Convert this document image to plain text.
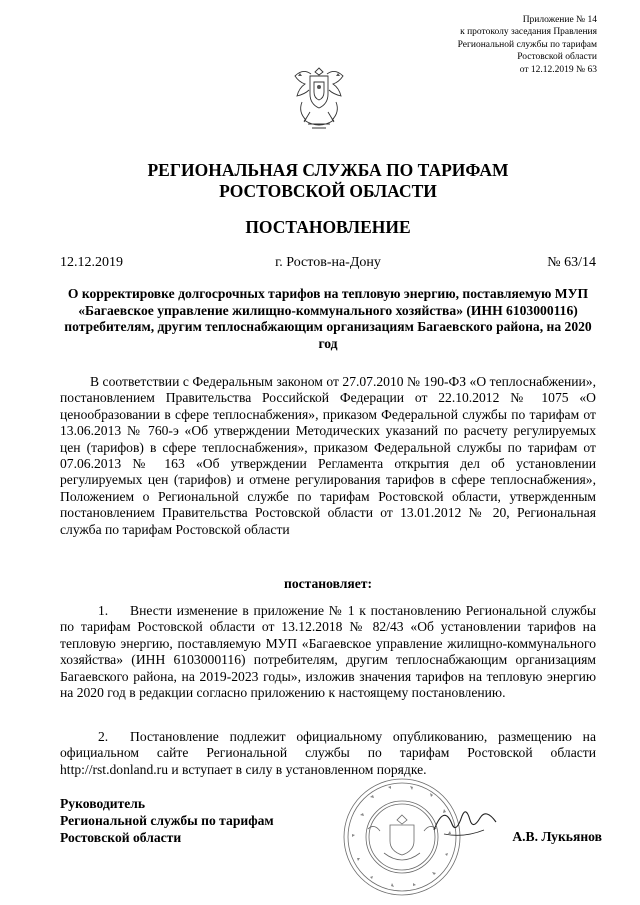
Приложение № 14
к протоколу заседания Правления
Региональной службы по тарифам
Ростовской области
от 12.12.2019 № 63
РЕГИОНАЛЬНАЯ СЛУЖБА ПО ТАРИФАМ
РОСТОВСКОЙ ОБЛАСТИ
ПОСТАНОВЛЕНИЕ
г. Ростов-на-Дону
12.12.2019	№ 63/14
О корректировке долгосрочных тарифов на тепловую энергию, поставляемую МУП «Багаевское управление жилищно-коммунального хозяйства» (ИНН 6103000116) потребителям, другим теплоснабжающим организациям Багаевского района, на 2020 год
В соответствии с Федеральным законом от 27.07.2010 № 190-ФЗ «О теплоснабжении», постановлением Правительства Российской Федерации от 22.10.2012 № 1075 «О ценообразовании в сфере теплоснабжения», приказом Федеральной службы по тарифам от 13.06.2013 № 760-э «Об утверждении Методических указаний по расчету регулируемых цен (тарифов) в сфере теплоснабжения», приказом Федеральной службы по тарифам от 07.06.2013 № 163 «Об утверждении Регламента открытия дел об установлении регулируемых цен (тарифов) и отмене регулирования тарифов в сфере теплоснабжения», Положением о Региональной службе по тарифам Ростовской области, утвержденным постановлением Правительства Ростовской области от 13.01.2012 № 20, Региональная служба по тарифам Ростовской области
постановляет:
1. Внести изменение в приложение № 1 к постановлению Региональной службы по тарифам Ростовской области от 13.12.2018 № 82/43 «Об установлении тарифов на тепловую энергию, поставляемую МУП «Багаевское управление жилищно-коммунального хозяйства» (ИНН 6103000116) потребителям, другим теплоснабжающим организациям Багаевского района, на 2019-2023 годы», изложив значения тарифов на тепловую энергию на 2020 год в редакции согласно приложению к настоящему постановлению.
2. Постановление подлежит официальному опубликованию, размещению на официальном сайте Региональной службы по тарифам Ростовской области http://rst.donland.ru и вступает в силу в установленном порядке.
Руководитель
Региональной службы по тарифам
Ростовской области	А.В. Лукьянов
